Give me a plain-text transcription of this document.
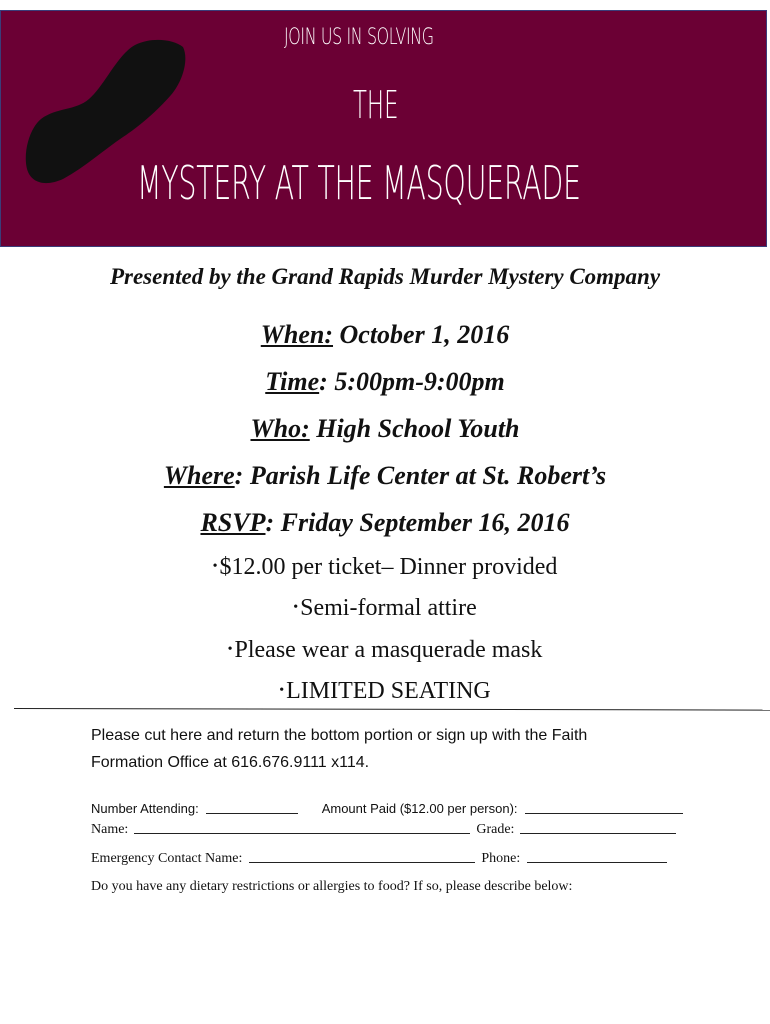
JOIN US IN SOLVING
THE
MYSTERY AT THE MASQUERADE
Presented by the Grand Rapids Murder Mystery Company
When: October 1, 2016
Time: 5:00pm-9:00pm
Who: High School Youth
Where: Parish Life Center at St. Robert’s
RSVP: Friday September 16, 2016
•$12.00 per ticket– Dinner provided
•Semi-formal attire
•Please wear a masquerade mask
•LIMITED SEATING
Please cut here and return the bottom portion or sign up with the Faith Formation Office at 616.676.9111 x114.
Number Attending:	Amount Paid ($12.00 per person):
Name:	Grade:
Emergency Contact Name:	Phone:
Do you have any dietary restrictions or allergies to food? If so, please describe below:
